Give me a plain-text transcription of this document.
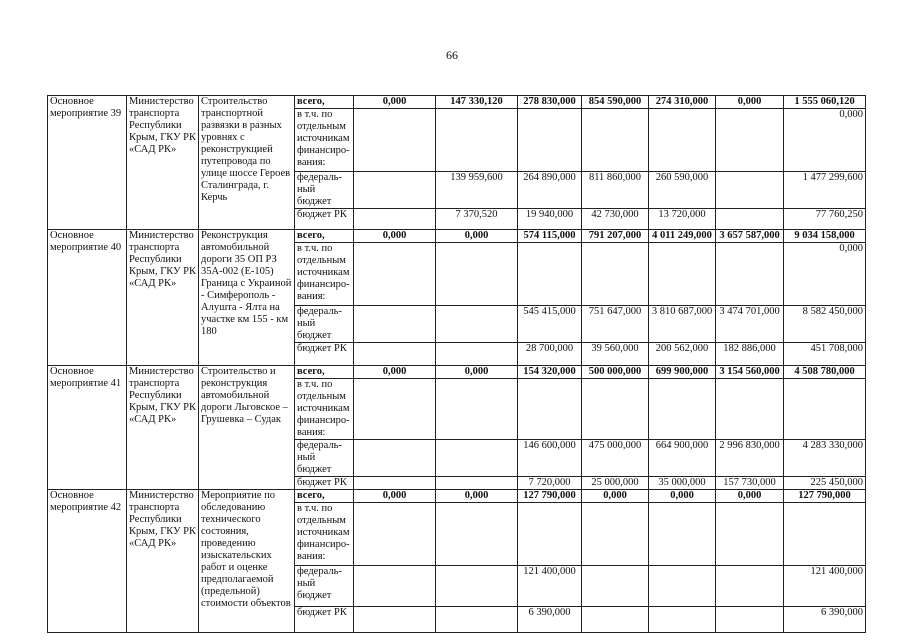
66
Основное мероприятие 39	Министерство транспорта Республики Крым, ГКУ РК «САД РК»	Строительство транспортной развязки в разных уровнях с реконструкцией путепровода по улице шоссе Героев Сталинграда, г. Керчь	всего,	0,000	147 330,120	278 830,000	854 590,000	274 310,000	0,000	1 555 060,120
			в т.ч. по отдельным источникам финансиро-вания:							0,000
			федераль-ный бюджет		139 959,600	264 890,000	811 860,000	260 590,000		1 477 299,600
			бюджет РК		7 370,520	19 940,000	42 730,000	13 720,000		77 760,250
Основное мероприятие 40	Министерство транспорта Республики Крым, ГКУ РК «САД РК»	Реконструкция автомобильной дороги 35 ОП РЗ 35А-002 (Е-105) Граница с Украиной - Симферополь - Алушта - Ялта на участке км 155 - км 180	всего,	0,000	0,000	574 115,000	791 207,000	4 011 249,000	3 657 587,000	9 034 158,000
			в т.ч. по отдельным источникам финансиро-вания:							0,000
			федераль-ный бюджет			545 415,000	751 647,000	3 810 687,000	3 474 701,000	8 582 450,000
			бюджет РК			28 700,000	39 560,000	200 562,000	182 886,000	451 708,000
Основное мероприятие 41	Министерство транспорта Республики Крым, ГКУ РК «САД РК»	Строительство и реконструкция автомобильной дороги Льговское – Грушевка – Судак	всего,	0,000	0,000	154 320,000	500 000,000	699 900,000	3 154 560,000	4 508 780,000
			в т.ч. по отдельным источникам финансиро-вания:							
			федераль-ный бюджет			146 600,000	475 000,000	664 900,000	2 996 830,000	4 283 330,000
			бюджет РК			7 720,000	25 000,000	35 000,000	157 730,000	225 450,000
Основное мероприятие 42	Министерство транспорта Республики Крым, ГКУ РК «САД РК»	Мероприятие по обследованию технического состояния, проведению изыскательских работ и оценке предполагаемой (предельной) стоимости объектов	всего,	0,000	0,000	127 790,000	0,000	0,000	0,000	127 790,000
			в т.ч. по отдельным источникам финансиро-вания:							
			федераль-ный бюджет			121 400,000				121 400,000
			бюджет РК			6 390,000				6 390,000
